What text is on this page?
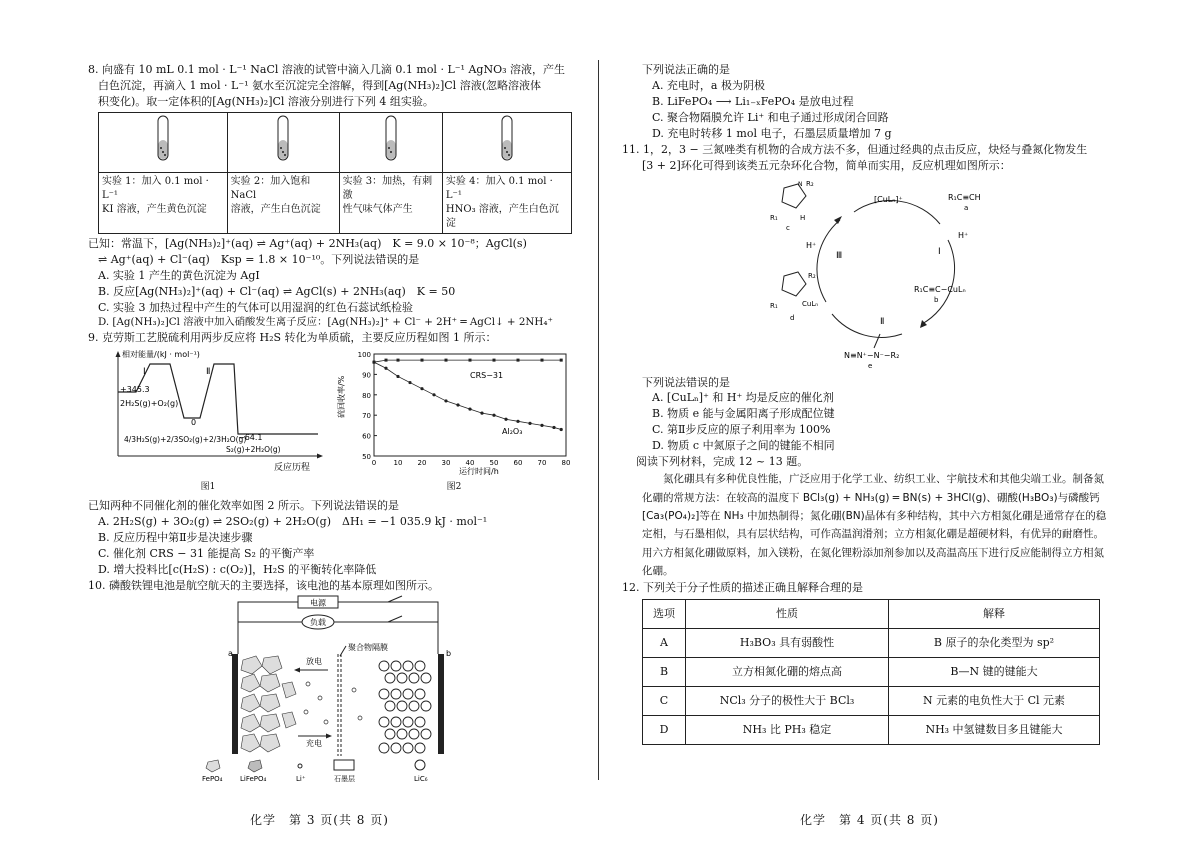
8. 向盛有 10 mL 0.1 mol · L⁻¹ NaCl 溶液的试管中滴入几滴 0.1 mol · L⁻¹ AgNO₃ 溶液，产生

白色沉淀，再滴入 1 mol · L⁻¹ 氨水至沉淀完全溶解，得到[Ag(NH₃)₂]Cl 溶液(忽略溶液体

积变化)。取一定体积的[Ag(NH₃)₂]Cl 溶液分别进行下列 4 组实验。

实验 1：加入 0.1 mol · L⁻¹
KI 溶液，产生黄色沉淀	实验 2：加入饱和 NaCl
溶液，产生白色沉淀	实验 3：加热，有刺激
性气味气体产生	实验 4：加入 0.1 mol · L⁻¹
HNO₃ 溶液，产生白色沉淀

已知：常温下，[Ag(NH₃)₂]⁺(aq) ⇌ Ag⁺(aq) + 2NH₃(aq)　K = 9.0 × 10⁻⁸；AgCl(s)

⇌ Ag⁺(aq) + Cl⁻(aq)　Ksp = 1.8 × 10⁻¹⁰。下列说法错误的是

A. 实验 1 产生的黄色沉淀为 AgI

B. 反应[Ag(NH₃)₂]⁺(aq) + Cl⁻(aq) ⇌ AgCl(s) + 2NH₃(aq)　K = 50

C. 实验 3 加热过程中产生的气体可以用湿润的红色石蕊试纸检验

D. [Ag(NH₃)₂]Cl 溶液中加入硝酸发生离子反应：[Ag(NH₃)₂]⁺ + Cl⁻ + 2H⁺ ═ AgCl↓ + 2NH₄⁺

9. 克劳斯工艺脱硫利用两步反应将 H₂S 转化为单质硫，主要反应历程如图 1 所示：

相对能量/(kJ · mol⁻¹)
反应历程
Ⅰ	Ⅱ
+345.3
2H₂S(g)+O₂(g)
0
4/3H₂S(g)+2/3SO₂(g)+2/3H₂O(g)
−64.1
S₂(g)+2H₂O(g)
图1
50
60
70
80
90
100
0 10 20 30 40 50 60 70 80
硫回收率/%
运行时间/h
CRS−31
Al₂O₃
图2

已知两种不同催化剂的催化效率如图 2 所示。下列说法错误的是

A. 2H₂S(g) + 3O₂(g) ⇌ 2SO₂(g) + 2H₂O(g)　ΔH₁ = −1 035.9 kJ · mol⁻¹

B. 反应历程中第Ⅱ步是决速步骤

C. 催化剂 CRS − 31 能提高 S₂ 的平衡产率

D. 增大投料比[c(H₂S) : c(O₂)]，H₂S 的平衡转化率降低

10. 磷酸铁锂电池是航空航天的主要选择，该电池的基本原理如图所示。

电源
负载
a	b
聚合物隔膜
放电
充电
FePO₄	LiFePO₄	Li⁺	石墨层	LiC₆

下列说法正确的是

A. 充电时，a 极为阴极

B. LiFePO₄ ⟶ Li₁₋ₓFePO₄ 是放电过程

C. 聚合物隔膜允许 Li⁺ 和电子通过形成闭合回路

D. 充电时转移 1 mol 电子，石墨层质量增加 7 g

11. 1，2，3 − 三氮唑类有机物的合成方法不多，但通过经典的点击反应，炔烃与叠氮化物发生

[3 + 2]环化可得到该类五元杂环化合物，简单而实用，反应机理如图所示：

Ⅰ
Ⅱ
Ⅲ
[CuLₙ]⁺	R₁C≡CH
a
H⁺
H⁺
N R₂
R₁	H
c
R₂
R₁	CuLₙ
d
R₁C≡C−CuLₙ
b
N≡N⁺−N⁻−R₂
e

下列说法错误的是

A. [CuLₙ]⁺ 和 H⁺ 均是反应的催化剂

B. 物质 e 能与金属阳离子形成配位键

C. 第Ⅱ步反应的原子利用率为 100%

D. 物质 c 中氮原子之间的键能不相同

阅读下列材料，完成 12 ~ 13 题。

氮化硼具有多种优良性能，广泛应用于化学工业、纺织工业、宇航技术和其他尖端工业。制备氮化硼的常规方法：在较高的温度下 BCl₃(g) + NH₃(g) ═ BN(s) + 3HCl(g)、硼酸(H₃BO₃)与磷酸钙[Ca₃(PO₄)₂]等在 NH₃ 中加热制得；氮化硼(BN)晶体有多种结构，其中六方相氮化硼是通常存在的稳定相，与石墨相似，具有层状结构，可作高温润滑剂；立方相氮化硼是超硬材料，有优异的耐磨性。用六方相氮化硼做原料，加入镁粉，在氮化锂粉添加剂参加以及高温高压下进行反应能制得立方相氮化硼。

12. 下列关于分子性质的描述正确且解释合理的是

选项	性质	解释
A	H₃BO₃ 具有弱酸性	B 原子的杂化类型为 sp²
B	立方相氮化硼的熔点高	B—N 键的键能大
C	NCl₃ 分子的极性大于 BCl₃	N 元素的电负性大于 Cl 元素
D	NH₃ 比 PH₃ 稳定	NH₃ 中氢键数目多且键能大
化学　第 3 页(共 8 页)	化学　第 4 页(共 8 页)
